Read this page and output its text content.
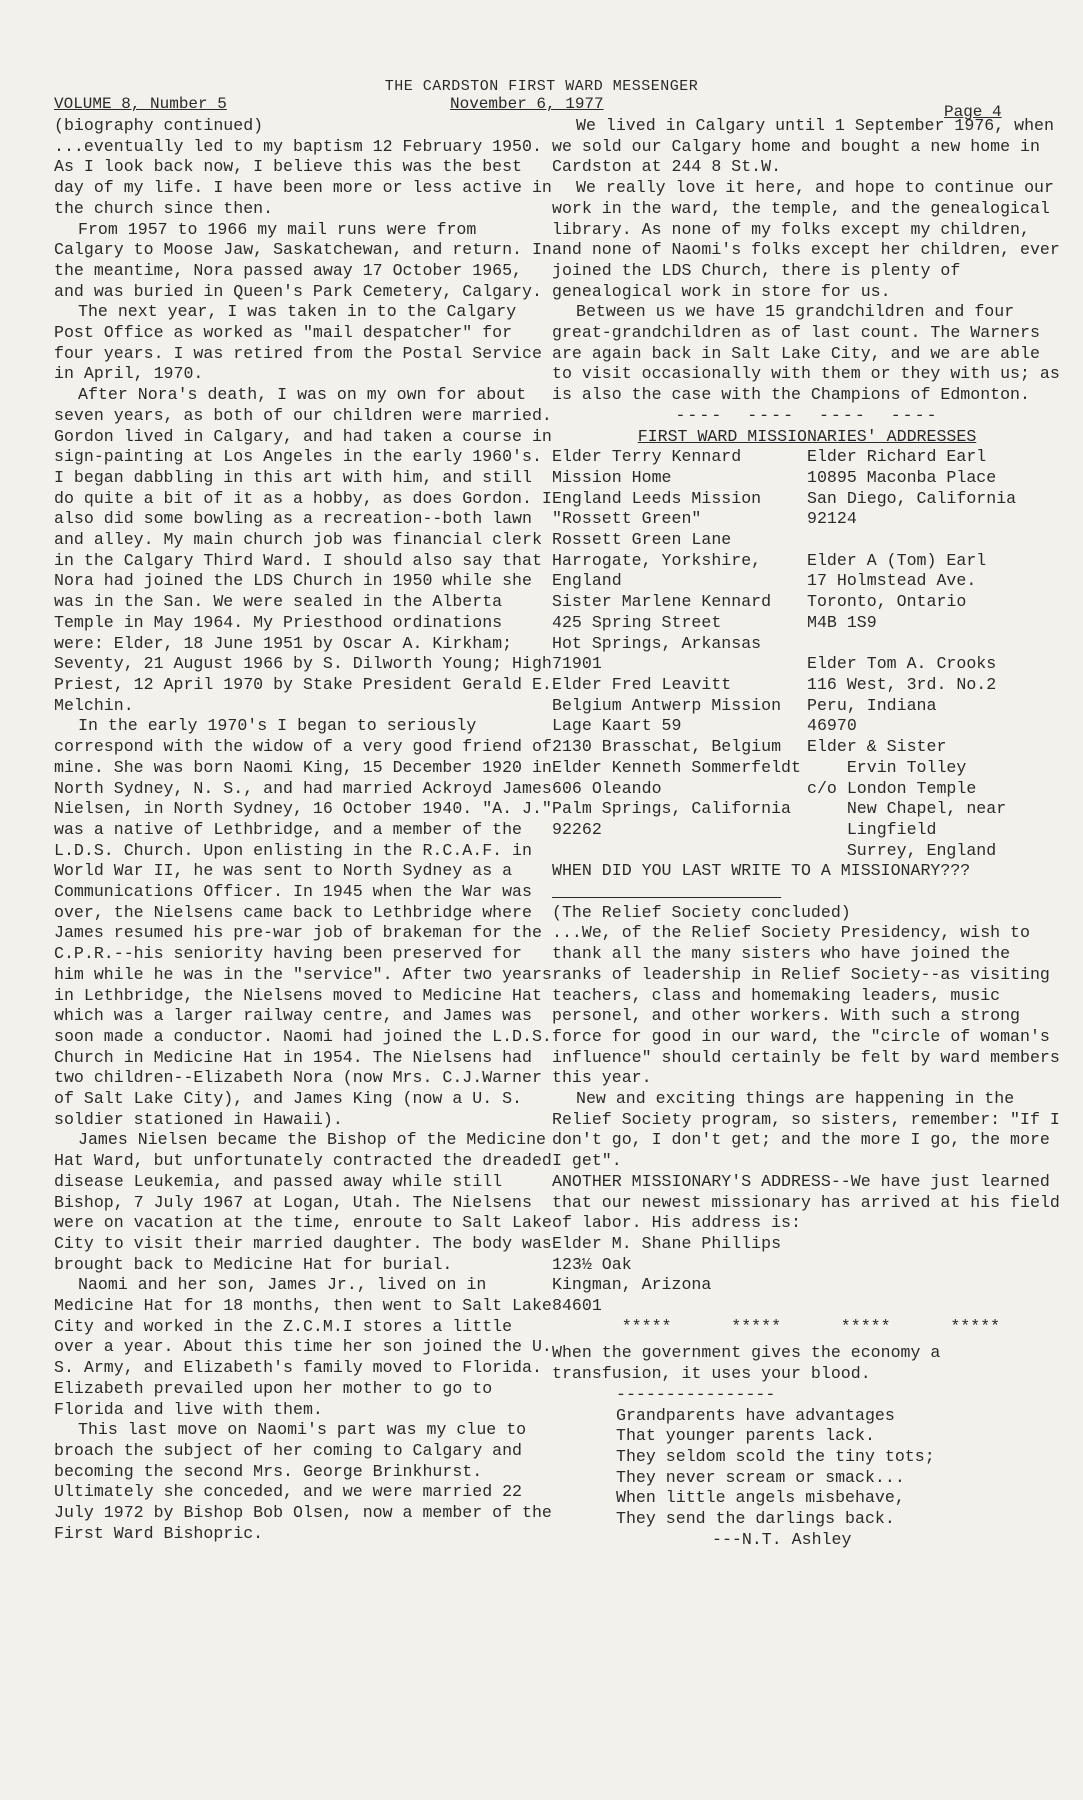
THE CARDSTON FIRST WARD MESSENGER
VOLUME 8, Number 5	November 6, 1977	Page 4

(biography continued)

...eventually led to my baptism 12 February 1950. As I look back now, I believe this was the best day of my life. I have been more or less active in the church since then.

From 1957 to 1966 my mail runs were from Calgary to Moose Jaw, Saskatchewan, and return. In the meantime, Nora passed away 17 October 1965, and was buried in Queen's Park Cemetery, Calgary.

The next year, I was taken in to the Calgary Post Office as worked as "mail despatcher" for four years. I was retired from the Postal Service in April, 1970.

After Nora's death, I was on my own for about seven years, as both of our children were married. Gordon lived in Calgary, and had taken a course in sign-painting at Los Angeles in the early 1960's. I began dabbling in this art with him, and still do quite a bit of it as a hobby, as does Gordon. I also did some bowling as a recreation--both lawn and alley. My main church job was financial clerk in the Calgary Third Ward. I should also say that Nora had joined the LDS Church in 1950 while she was in the San. We were sealed in the Alberta Temple in May 1964. My Priesthood ordinations were: Elder, 18 June 1951 by Oscar A. Kirkham; Seventy, 21 August 1966 by S. Dilworth Young; High Priest, 12 April 1970 by Stake President Gerald E. Melchin.

In the early 1970's I began to seriously correspond with the widow of a very good friend of mine. She was born Naomi King, 15 December 1920 in North Sydney, N. S., and had married Ackroyd James Nielsen, in North Sydney, 16 October 1940. "A. J." was a native of Lethbridge, and a member of the L.D.S. Church. Upon enlisting in the R.C.A.F. in World War II, he was sent to North Sydney as a Communications Officer. In 1945 when the War was over, the Nielsens came back to Lethbridge where James resumed his pre-war job of brakeman for the C.P.R.--his seniority having been preserved for him while he was in the "service". After two years in Lethbridge, the Nielsens moved to Medicine Hat which was a larger railway centre, and James was soon made a conductor. Naomi had joined the L.D.S. Church in Medicine Hat in 1954. The Nielsens had two children--Elizabeth Nora (now Mrs. C.J.Warner of Salt Lake City), and James King (now a U. S. soldier stationed in Hawaii).

James Nielsen became the Bishop of the Medicine Hat Ward, but unfortunately contracted the dreaded disease Leukemia, and passed away while still Bishop, 7 July 1967 at Logan, Utah. The Nielsens were on vacation at the time, enroute to Salt Lake City to visit their married daughter. The body was brought back to Medicine Hat for burial.

Naomi and her son, James Jr., lived on in Medicine Hat for 18 months, then went to Salt Lake City and worked in the Z.C.M.I stores a little over a year. About this time her son joined the U. S. Army, and Elizabeth's family moved to Florida. Elizabeth prevailed upon her mother to go to Florida and live with them.

This last move on Naomi's part was my clue to broach the subject of her coming to Calgary and becoming the second Mrs. George Brinkhurst. Ultimately she conceded, and we were married 22 July 1972 by Bishop Bob Olsen, now a member of the First Ward Bishopric.

We lived in Calgary until 1 September 1976, when we sold our Calgary home and bought a new home in Cardston at 244 8 St.W.

We really love it here, and hope to continue our work in the ward, the temple, and the genealogical library. As none of my folks except my children, and none of Naomi's folks except her children, ever joined the LDS Church, there is plenty of genealogical work in store for us.

Between us we have 15 grandchildren and four great-grandchildren as of last count. The Warners are again back in Salt Lake City, and we are able to visit occasionally with them or they with us; as is also the case with the Champions of Edmonton.

----  ----  ----  ----

FIRST WARD MISSIONARIES' ADDRESSES

Elder Terry Kennard
Mission Home
England Leeds Mission
"Rossett Green"
Rossett Green Lane
Harrogate, Yorkshire,
England
Sister Marlene Kennard
425 Spring Street
Hot Springs, Arkansas
71901
Elder Fred Leavitt
Belgium Antwerp Mission
Lage Kaart 59
2130 Brasschat, Belgium
Elder Kenneth Sommerfeldt
606 Oleando
Palm Springs, California
92262
Elder Richard Earl
10895 Maconba Place
San Diego, California
92124

Elder A (Tom) Earl
17 Holmstead Ave.
Toronto, Ontario
M4B 1S9

Elder Tom A. Crooks
116 West, 3rd. No.2
Peru, Indiana
46970
Elder & Sister
Ervin Tolley
c/o London Temple
New Chapel, near
Lingfield
Surrey, England

WHEN DID YOU LAST WRITE TO A MISSIONARY???

__  __  __  __  __

(The Relief Society concluded)

...We, of the Relief Society Presidency, wish to thank all the many sisters who have joined the ranks of leadership in Relief Society--as visiting teachers, class and homemaking leaders, music personel, and other workers. With such a strong force for good in our ward, the "circle of woman's influence" should certainly be felt by ward members this year.

New and exciting things are happening in the Relief Society program, so sisters, remember: "If I don't go, I don't get; and the more I go, the more I get".

ANOTHER MISSIONARY'S ADDRESS--We have just learned that our newest missionary has arrived at his field of labor. His address is:

Elder M. Shane Phillips
123½ Oak
Kingman, Arizona
84601

*****      *****      *****      *****

When the government gives the economy a transfusion, it uses your blood.

----------------

Grandparents have advantages
That younger parents lack.
They seldom scold the tiny tots;
They never scream or smack...
When little angels misbehave,
They send the darlings back.

---N.T. Ashley
